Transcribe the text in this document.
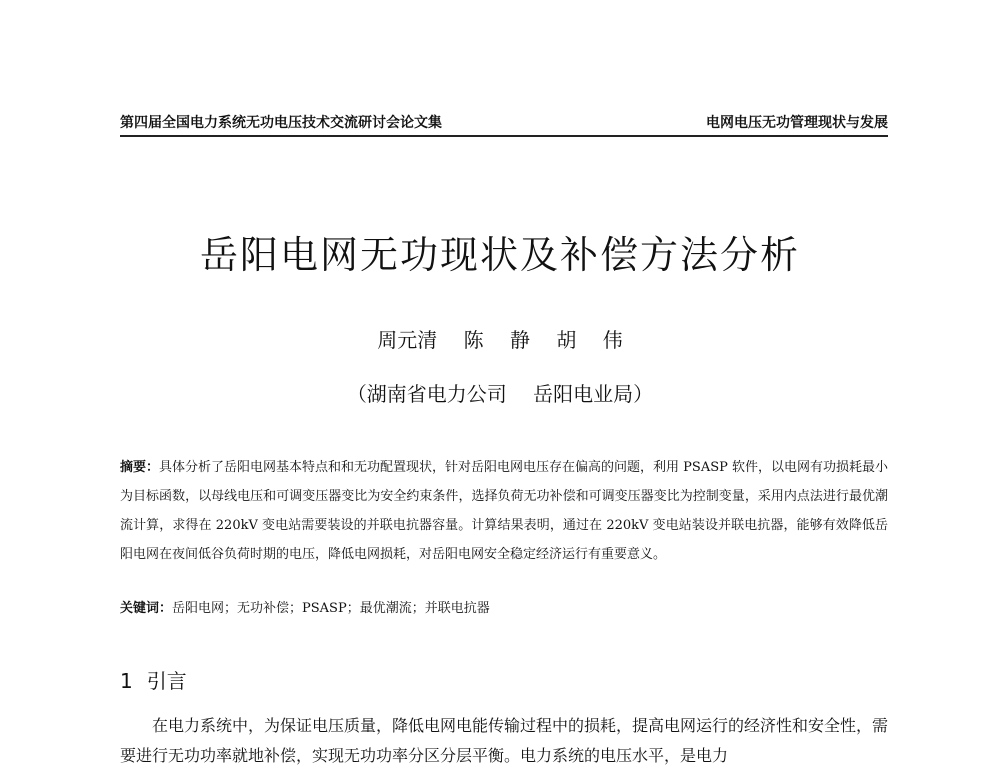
第四届全国电力系统无功电压技术交流研讨会论文集	电网电压无功管理现状与发展
岳阳电网无功现状及补偿方法分析
周元清　 陈　 静　 胡　 伟
（湖南省电力公司　 岳阳电业局）
摘要：具体分析了岳阳电网基本特点和和无功配置现状，针对岳阳电网电压存在偏高的问题，利用 PSASP 软件，以电网有功损耗最小为目标函数，以母线电压和可调变压器变比为安全约束条件，选择负荷无功补偿和可调变压器变比为控制变量，采用内点法进行最优潮流计算，求得在 220kV 变电站需要装设的并联电抗器容量。计算结果表明，通过在 220kV 变电站装设并联电抗器，能够有效降低岳阳电网在夜间低谷负荷时期的电压，降低电网损耗，对岳阳电网安全稳定经济运行有重要意义。
关键词：岳阳电网；无功补偿；PSASP；最优潮流；并联电抗器
1 引言
在电力系统中，为保证电压质量，降低电网电能传输过程中的损耗，提高电网运行的经济性和安全性，需要进行无功功率就地补偿，实现无功功率分区分层平衡。电力系统的电压水平，是电力
